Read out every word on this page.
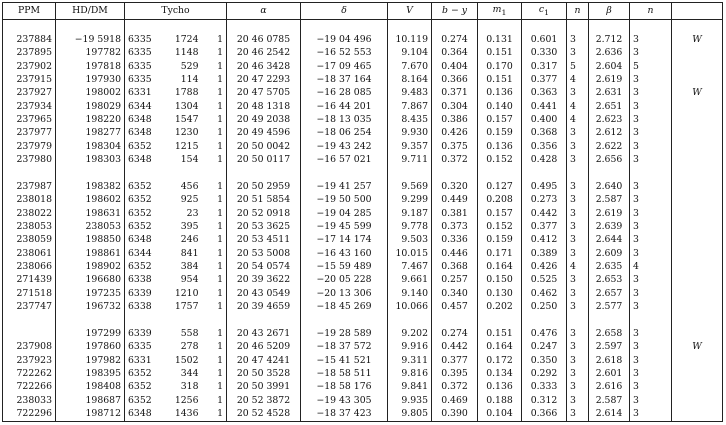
PPM	HD/DM	Tycho			α	δ	V	b − y	$m_1$	$c_1$	n	β	n	

237884	−19 5918	6335	1724	1	20 46 0785	−19 04 496	10.119	0.274	0.131	0.601	3	2.712	3	W
237895	197782	6335	1148	1	20 46 2542	−16 52 553	9.104	0.364	0.151	0.330	3	2.636	3	
237902	197818	6335	529	1	20 46 3428	−17 09 465	7.670	0.404	0.170	0.317	5	2.604	5	
237915	197930	6335	114	1	20 47 2293	−18 37 164	8.164	0.366	0.151	0.377	4	2.619	3	
237927	198002	6331	1788	1	20 47 5705	−16 28 085	9.483	0.371	0.136	0.363	3	2.631	3	W
237934	198029	6344	1304	1	20 48 1318	−16 44 201	7.867	0.304	0.140	0.441	4	2.651	3	
237965	198220	6348	1547	1	20 49 2038	−18 13 035	8.435	0.386	0.157	0.400	4	2.623	3	
237977	198277	6348	1230	1	20 49 4596	−18 06 254	9.930	0.426	0.159	0.368	3	2.612	3	
237979	198304	6352	1215	1	20 50 0042	−19 43 242	9.357	0.375	0.136	0.356	3	2.622	3	
237980	198303	6348	154	1	20 50 0117	−16 57 021	9.711	0.372	0.152	0.428	3	2.656	3	

237987	198382	6352	456	1	20 50 2959	−19 41 257	9.569	0.320	0.127	0.495	3	2.640	3	
238018	198602	6352	925	1	20 51 5854	−19 50 500	9.299	0.449	0.208	0.273	3	2.587	3	
238022	198631	6352	23	1	20 52 0918	−19 04 285	9.187	0.381	0.157	0.442	3	2.619	3	
238053	238053	6352	395	1	20 53 3625	−19 45 599	9.778	0.373	0.152	0.377	3	2.639	3	
238059	198850	6348	246	1	20 53 4511	−17 14 174	9.503	0.336	0.159	0.412	3	2.644	3	
238061	198861	6344	841	1	20 53 5008	−16 43 160	10.015	0.446	0.171	0.389	3	2.609	3	
238066	198902	6352	384	1	20 54 0574	−15 59 489	7.467	0.368	0.164	0.426	4	2.635	4	
271439	196680	6338	954	1	20 39 3622	−20 05 228	9.661	0.257	0.150	0.525	3	2.653	3	
271518	197235	6339	1210	1	20 43 0549	−20 13 306	9.140	0.340	0.130	0.462	3	2.657	3	
237747	196732	6338	1757	1	20 39 4659	−18 45 269	10.066	0.457	0.202	0.250	3	2.577	3	

	197299	6339	558	1	20 43 2671	−19 28 589	9.202	0.274	0.151	0.476	3	2.658	3	
237908	197860	6335	278	1	20 46 5209	−18 37 572	9.916	0.442	0.164	0.247	3	2.597	3	W
237923	197982	6331	1502	1	20 47 4241	−15 41 521	9.311	0.377	0.172	0.350	3	2.618	3	
722262	198395	6352	344	1	20 50 3528	−18 58 511	9.816	0.395	0.134	0.292	3	2.601	3	
722266	198408	6352	318	1	20 50 3991	−18 58 176	9.841	0.372	0.136	0.333	3	2.616	3	
238033	198687	6352	1256	1	20 52 3872	−19 43 305	9.935	0.469	0.188	0.312	3	2.587	3	
722296	198712	6348	1436	1	20 52 4528	−18 37 423	9.805	0.390	0.104	0.366	3	2.614	3	
